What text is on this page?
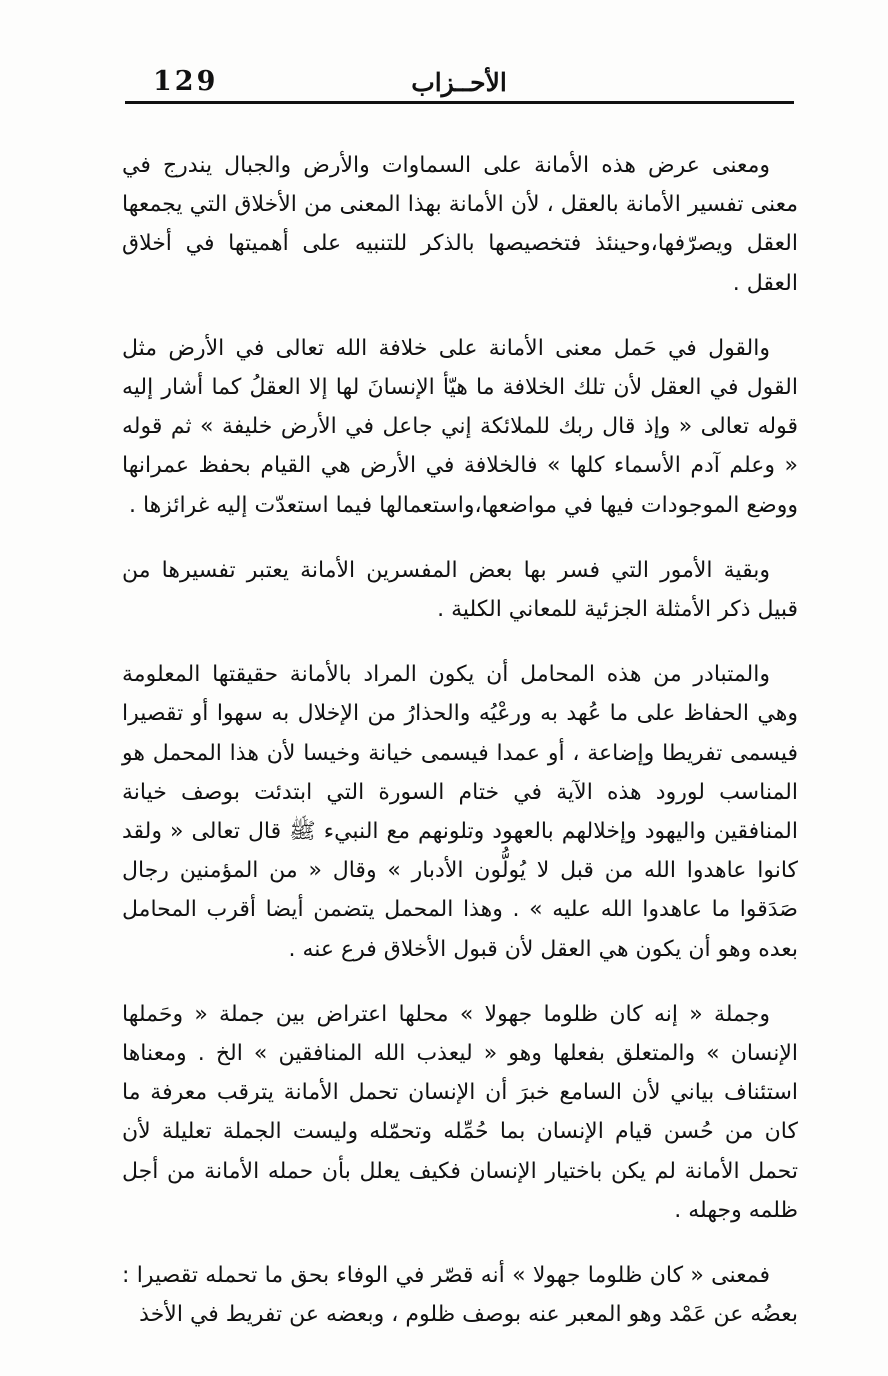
129	الأحــزاب

ومعنى عرض هذه الأمانة على السماوات والأرض والجبال يندرج في معنى تفسير الأمانة بالعقل ، لأن الأمانة بهذا المعنى من الأخلاق التي يجمعها العقل ويصرّفها،وحينئذ فتخصيصها بالذكر للتنبيه على أهميتها في أخلاق العقل .

والقول في حَمل معنى الأمانة على خلافة الله تعالى في الأرض مثل القول في العقل لأن تلك الخلافة ما هيّأ الإنسانَ لها إلا العقلُ كما أشار إليه قوله تعالى « وإذ قال ربك للملائكة إني جاعل في الأرض خليفة » ثم قوله « وعلم آدم الأسماء كلها » فالخلافة في الأرض هي القيام بحفظ عمرانها ووضع الموجودات فيها في مواضعها،واستعمالها فيما استعدّت إليه غرائزها .

وبقية الأمور التي فسر بها بعض المفسرين الأمانة يعتبر تفسيرها من قبيل ذكر الأمثلة الجزئية للمعاني الكلية .

والمتبادر من هذه المحامل أن يكون المراد بالأمانة حقيقتها المعلومة وهي الحفاظ على ما عُهد به ورعْيُه والحذارُ من الإخلال به سهوا أو تقصيرا فيسمى تفريطا وإضاعة ، أو عمدا فيسمى خيانة وخيسا لأن هذا المحمل هو المناسب لورود هذه الآية في ختام السورة التي ابتدئت بوصف خيانة المنافقين واليهود وإخلالهم بالعهود وتلونهم مع النبيء ﷺ قال تعالى « ولقد كانوا عاهدوا الله من قبل لا يُولُّون الأدبار » وقال « من المؤمنين رجال صَدَقوا ما عاهدوا الله عليه » . وهذا المحمل يتضمن أيضا أقرب المحامل بعده وهو أن يكون هي العقل لأن قبول الأخلاق فرع عنه .

وجملة « إنه كان ظلوما جهولا » محلها اعتراض بين جملة « وحَملها الإنسان » والمتعلق بفعلها وهو « ليعذب الله المنافقين » الخ . ومعناها استئناف بياني لأن السامع خبرَ أن الإنسان تحمل الأمانة يترقب معرفة ما كان من حُسن قيام الإنسان بما حُمِّله وتحمّله وليست الجملة تعليلة لأن تحمل الأمانة لم يكن باختيار الإنسان فكيف يعلل بأن حمله الأمانة من أجل ظلمه وجهله .

فمعنى « كان ظلوما جهولا » أنه قصّر في الوفاء بحق ما تحمله تقصيرا : بعضُه عن عَمْد وهو المعبر عنه بوصف ظلوم ، وبعضه عن تفريط في الأخذ
